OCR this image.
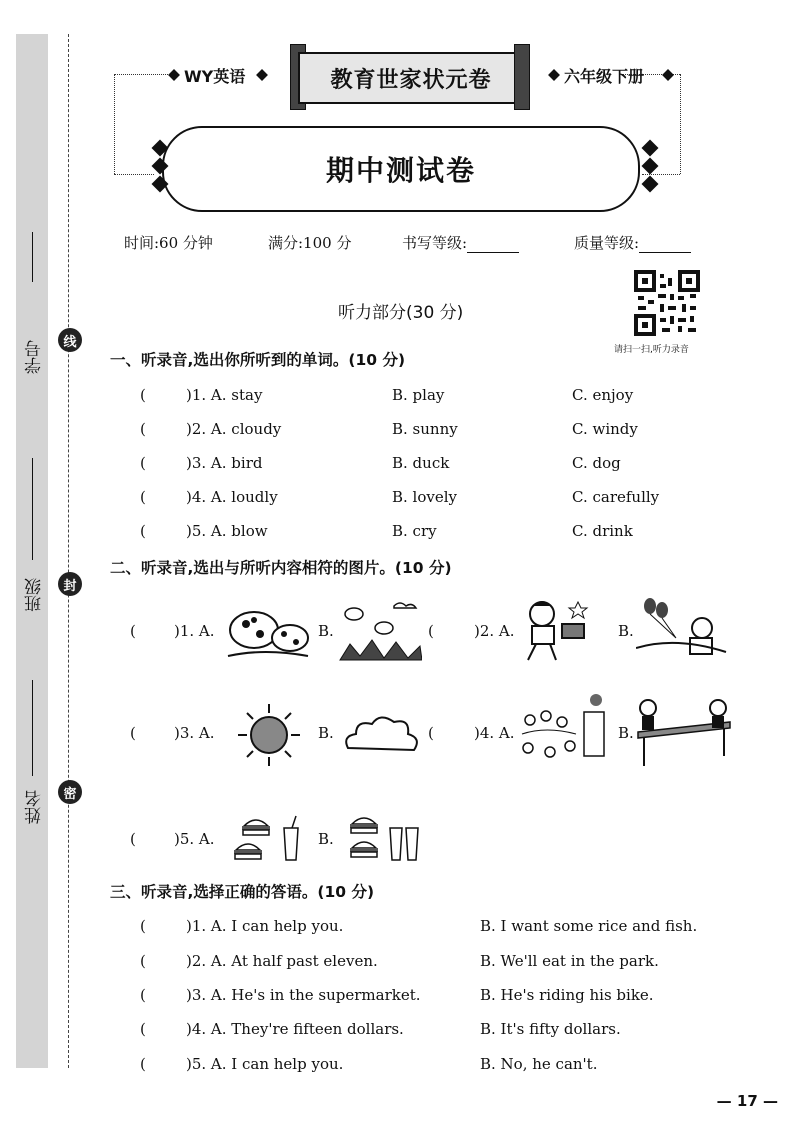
学号
班级
姓名
线
封
密
WY英语	教育世家状元卷	六年级下册
期中测试卷
时间:60 分钟	满分:100 分	书写等级:	质量等级:
听力部分(30 分)
请扫一扫,听力录音
一、听录音,选出你所听到的单词。(10 分)
(	)1. A. stay	B. play	C. enjoy
(	)2. A. cloudy	B. sunny	C. windy
(	)3. A. bird	B. duck	C. dog
(	)4. A. loudly	B. lovely	C. carefully
(	)5. A. blow	B. cry	C. drink
二、听录音,选出与所听内容相符的图片。(10 分)
(	)1. A.	B.	(	)2. A.	B.
(	)3. A.	B.	(	)4. A.	B.
(	)5. A.	B.
三、听录音,选择正确的答语。(10 分)
(	)1. A. I can help you.	B. I want some rice and fish.
(	)2. A. At half past eleven.	B. We'll eat in the park.
(	)3. A. He's in the supermarket.	B. He's riding his bike.
(	)4. A. They're fifteen dollars.	B. It's fifty dollars.
(	)5. A. I can help you.	B. No, he can't.
— 17 —
